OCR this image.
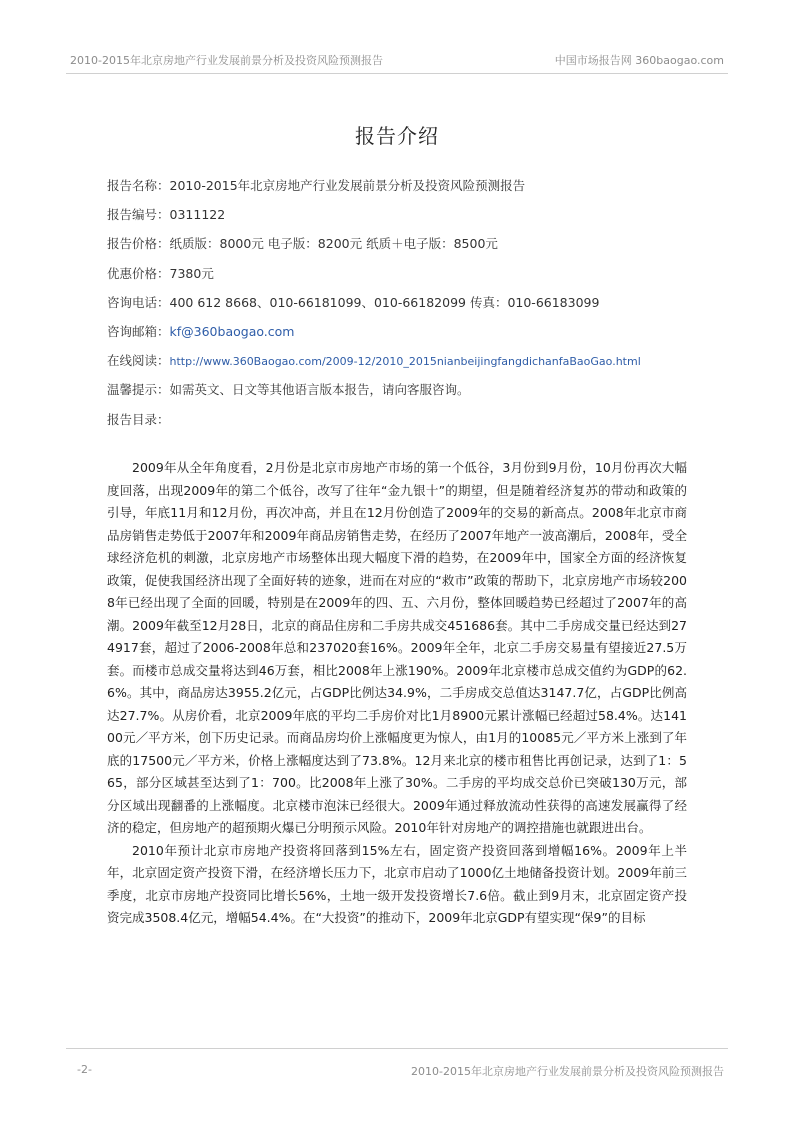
2010-2015年北京房地产行业发展前景分析及投资风险预测报告	中国市场报告网 360baogao.com
报告介绍
报告名称：2010-2015年北京房地产行业发展前景分析及投资风险预测报告
报告编号：0311122
报告价格：纸质版：8000元 电子版：8200元 纸质＋电子版：8500元
优惠价格：7380元
咨询电话：400 612 8668、010-66181099、010-66182099 传真：010-66183099
咨询邮箱：kf@360baogao.com
在线阅读：http://www.360Baogao.com/2009-12/2010_2015nianbeijingfangdichanfaBaoGao.html
温馨提示：如需英文、日文等其他语言版本报告，请向客服咨询。
报告目录：

2009年从全年角度看，2月份是北京市房地产市场的第一个低谷，3月份到9月份，10月份再次大幅度回落，出现2009年的第二个低谷，改写了往年“金九银十”的期望，但是随着经济复苏的带动和政策的引导，年底11月和12月份，再次冲高，并且在12月份创造了2009年的交易的新高点。2008年北京市商品房销售走势低于2007年和2009年商品房销售走势，在经历了2007年地产一波高潮后，2008年，受全球经济危机的刺激，北京房地产市场整体出现大幅度下滑的趋势，在2009年中，国家全方面的经济恢复政策，促使我国经济出现了全面好转的迹象，进而在对应的“救市”政策的帮助下，北京房地产市场较2008年已经出现了全面的回暖，特别是在2009年的四、五、六月份，整体回暖趋势已经超过了2007年的高潮。2009年截至12月28日，北京的商品住房和二手房共成交451686套。其中二手房成交量已经达到274917套，超过了2006-2008年总和237020套16%。2009年全年，北京二手房交易量有望接近27.5万套。而楼市总成交量将达到46万套，相比2008年上涨190%。2009年北京楼市总成交值约为GDP的62.6%。其中，商品房达3955.2亿元，占GDP比例达34.9%，二手房成交总值达3147.7亿，占GDP比例高达27.7%。从房价看，北京2009年底的平均二手房价对比1月8900元累计涨幅已经超过58.4%。达14100元／平方米，创下历史记录。而商品房均价上涨幅度更为惊人，由1月的10085元／平方米上涨到了年底的17500元／平方米，价格上涨幅度达到了73.8%。12月来北京的楼市租售比再创记录，达到了1：565，部分区域甚至达到了1：700。比2008年上涨了30%。二手房的平均成交总价已突破130万元，部分区域出现翻番的上涨幅度。北京楼市泡沫已经很大。2009年通过释放流动性获得的高速发展赢得了经济的稳定，但房地产的超预期火爆已分明预示风险。2010年针对房地产的调控措施也就跟进出台。

2010年预计北京市房地产投资将回落到15%左右，固定资产投资回落到增幅16%。2009年上半年，北京固定资产投资下滑，在经济增长压力下，北京市启动了1000亿土地储备投资计划。2009年前三季度，北京市房地产投资同比增长56%，土地一级开发投资增长7.6倍。截止到9月末，北京固定资产投资完成3508.4亿元，增幅54.4%。在“大投资”的推动下，2009年北京GDP有望实现“保9”的目标

-2-	2010-2015年北京房地产行业发展前景分析及投资风险预测报告
